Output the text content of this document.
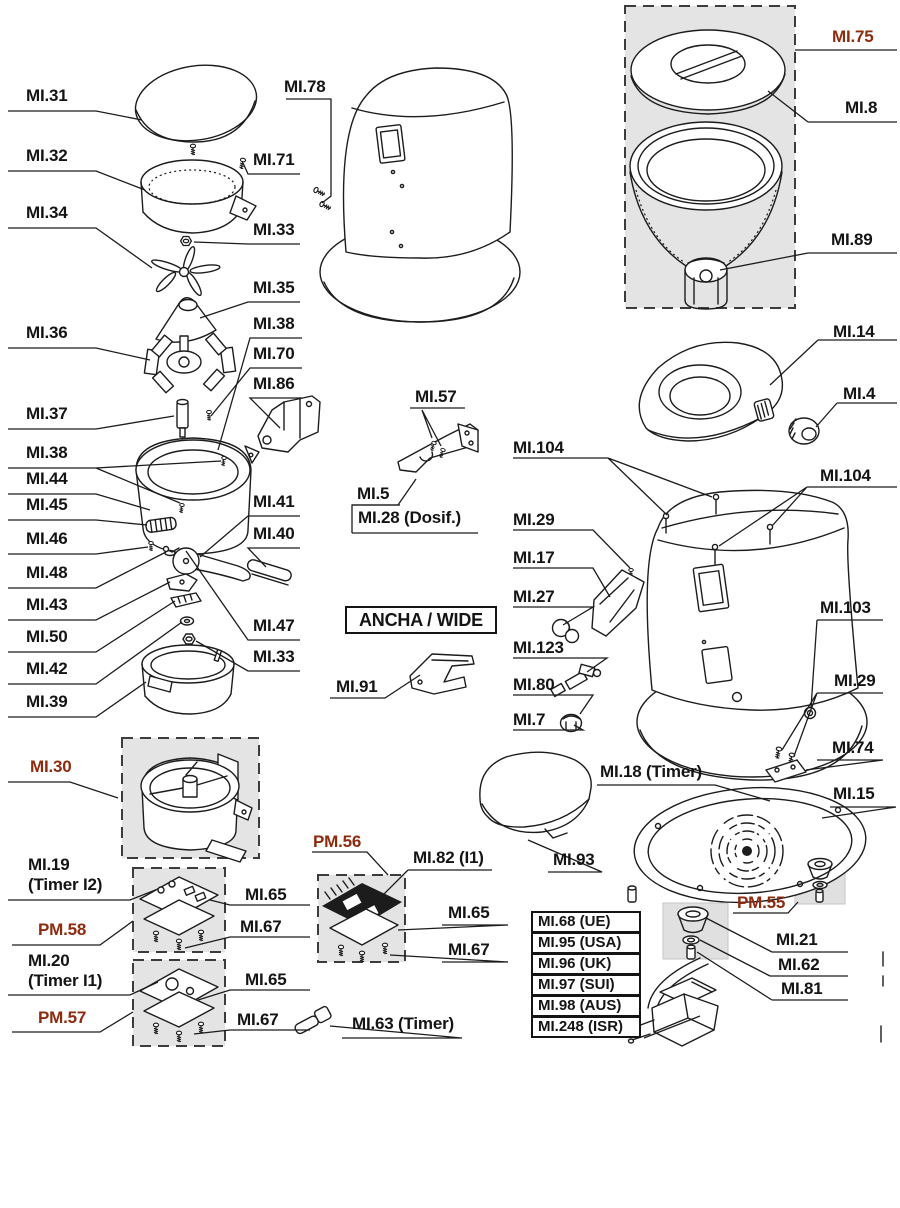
MI.31
MI.32
MI.34
MI.36
MI.37
MI.38
MI.44
MI.45
MI.46
MI.48
MI.43
MI.50
MI.42
MI.39
MI.30
MI.19
(Timer I2)
PM.58
MI.65
MI.67
MI.20
(Timer I1)
PM.57
MI.65
MI.67
MI.78
MI.71
MI.33
MI.35
MI.38
MI.70
MI.86
MI.41
MI.40
MI.47
MI.33
MI.57
MI.5
MI.28 (Dosif.)
ANCHA / WIDE
MI.91
PM.56
MI.82 (I1)
MI.65
MI.67
MI.63 (Timer)
MI.93
MI.75
MI.8
MI.89
MI.14
MI.4
MI.104
MI.104
MI.29
MI.17
MI.27
MI.123
MI.80
MI.7
MI.103
MI.29
MI.74
MI.15
MI.18 (Timer)
PM.55
MI.21
MI.62
MI.81
MI.68 (UE)
MI.95 (USA)
MI.96 (UK)
MI.97 (SUI)
MI.98 (AUS)
MI.248 (ISR)
